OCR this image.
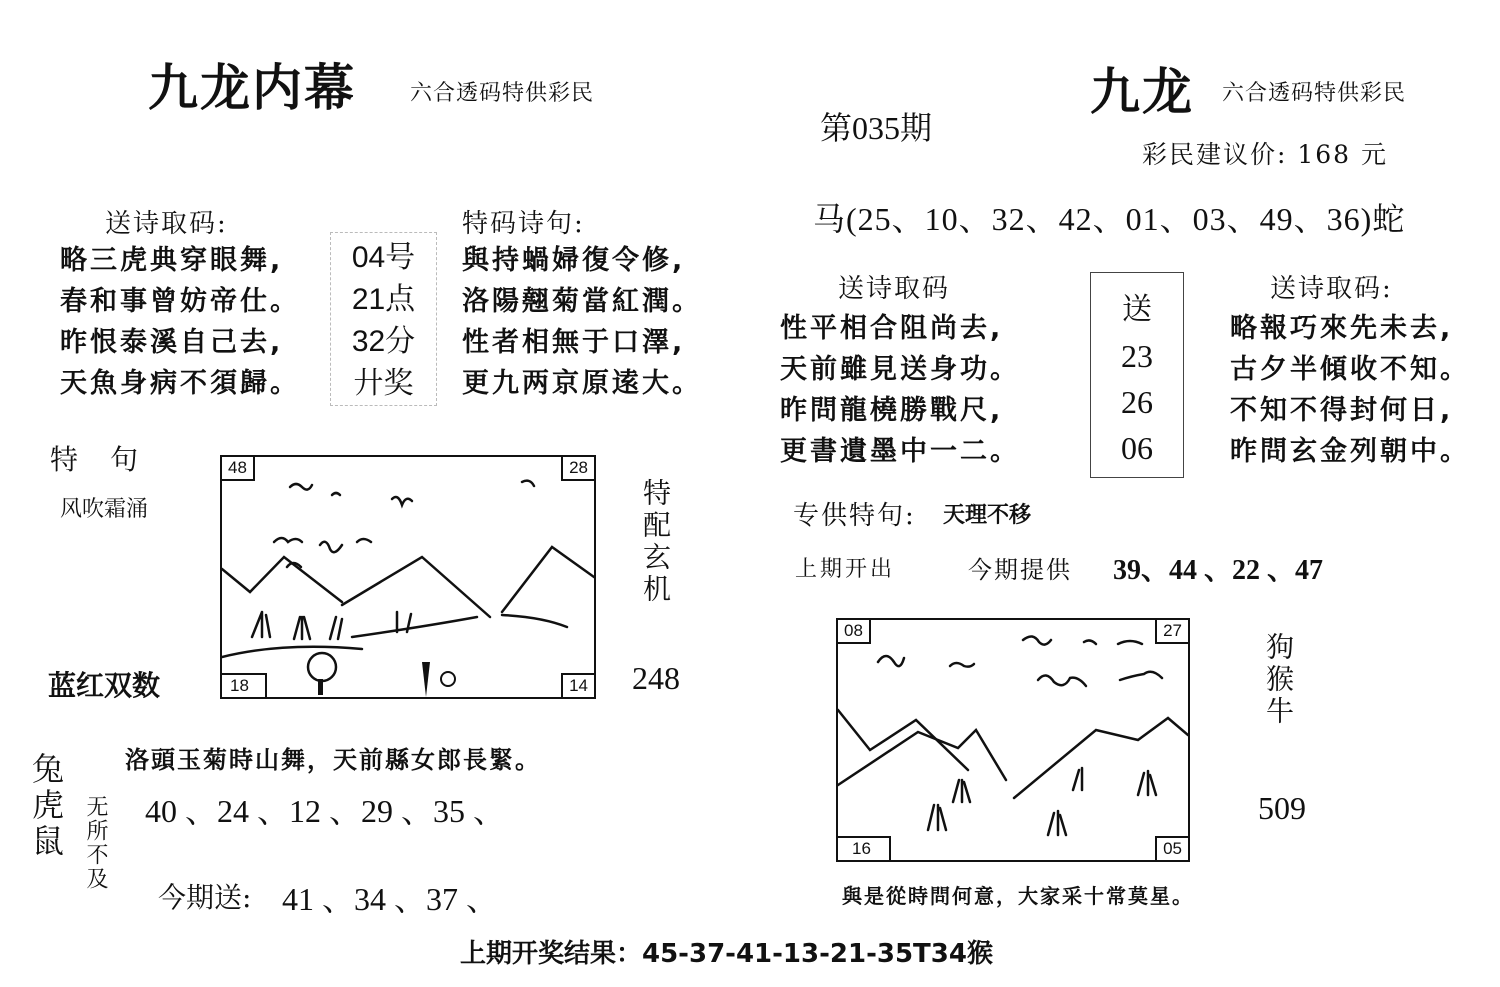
九龙内幕 六合透码特供彩民
送诗取码:
略三虎典穿眼舞,
春和事曾妨帝仕。
昨恨泰溪自己去,
天魚身病不須歸。
04号
21点
32分
廾奖
特码诗句:
與持蝸婦復令修,
洛陽翹菊當紅潤。
性者相無于口澤,
更九两京原逺大。
特　句
风吹霜涌
48	28
18	14
特配玄机
蓝红双数	248
洛頭玉菊時山舞，天前縣女郎長緊。
兔虎鼠 无所不及 40 、24 、12 、29 、35 、
今期送: 41 、34 、37 、
九龙 六合透码特供彩民
第035期
彩民建议价: 168 元
马(25、10、32、42、01、03、49、36)蛇
送诗取码
性平相合阻尚去,
天前雖見送身功。
昨問龍橈勝戰尺,
更書遺墨中一二。
送
23
26
06
送诗取码:
略報巧來先未去,
古夕半傾收不知。
不知不得封何日,
昨問玄金列朝中。
专供特句: 天理不移
上期开出	今期提供 39、44 、22 、47
08	27
16	05
狗猴牛
509
與是從時問何意，大家采十常莫星。
上期开奖结果：45-37-41-13-21-35T34猴
